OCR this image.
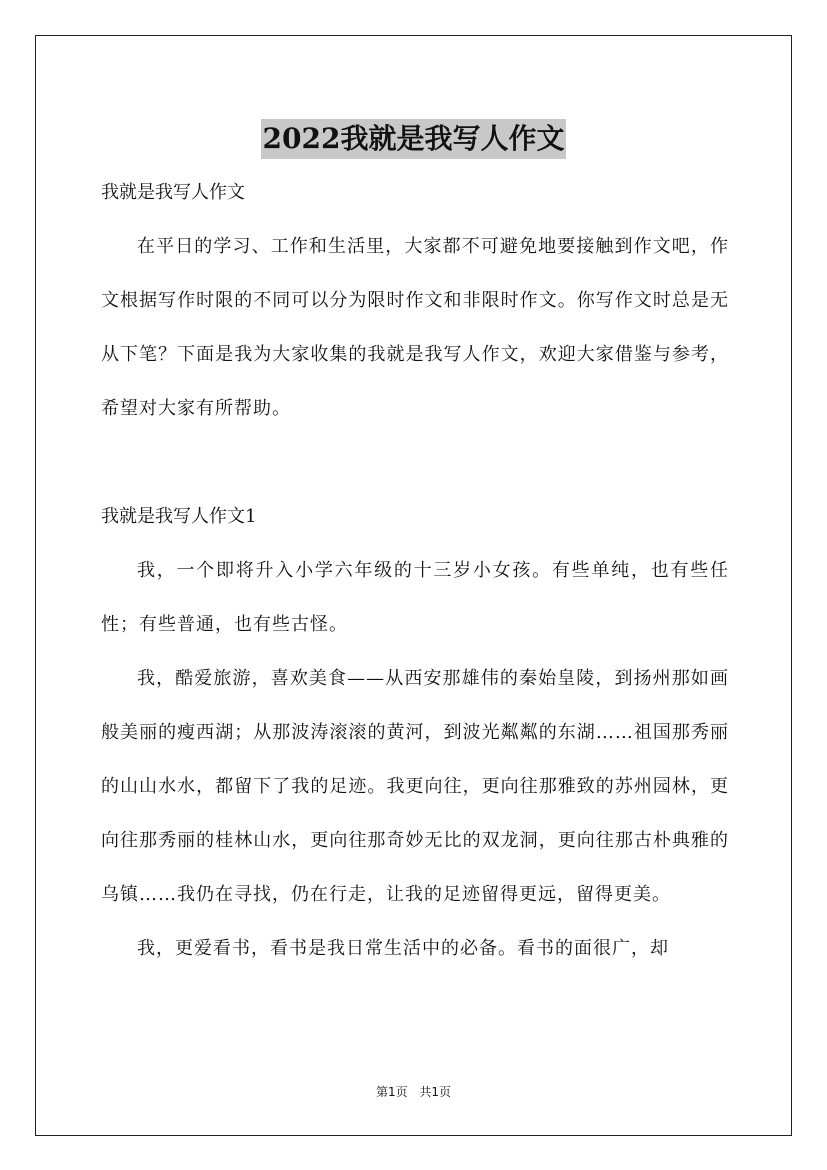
2022我就是我写人作文

我就是我写人作文

在平日的学习、工作和生活里，大家都不可避免地要接触到作文吧，作文根据写作时限的不同可以分为限时作文和非限时作文。你写作文时总是无从下笔？下面是我为大家收集的我就是我写人作文，欢迎大家借鉴与参考，希望对大家有所帮助。

我就是我写人作文1

我，一个即将升入小学六年级的十三岁小女孩。有些单纯，也有些任性；有些普通，也有些古怪。

我，酷爱旅游，喜欢美食——从西安那雄伟的秦始皇陵，到扬州那如画般美丽的瘦西湖；从那波涛滚滚的黄河，到波光粼粼的东湖……祖国那秀丽的山山水水，都留下了我的足迹。我更向往，更向往那雅致的苏州园林，更向往那秀丽的桂林山水，更向往那奇妙无比的双龙洞，更向往那古朴典雅的乌镇……我仍在寻找，仍在行走，让我的足迹留得更远，留得更美。

我，更爱看书，看书是我日常生活中的必备。看书的面很广，却

第1页 共1页
